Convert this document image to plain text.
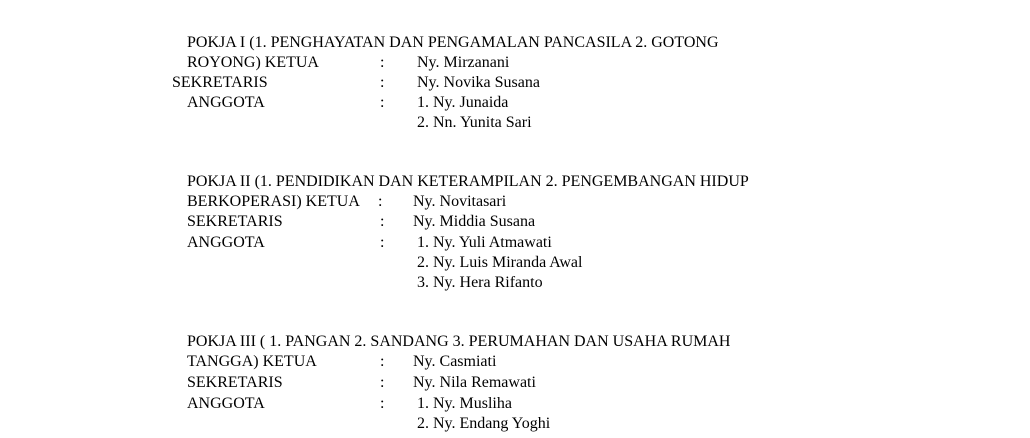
POKJA I (1. PENGHAYATAN DAN PENGAMALAN PANCASILA 2. GOTONG
ROYONG) KETUA	: Ny. Mirzanani
SEKRETARIS	: Ny. Novika Susana
ANGGOTA	: 1. Ny. Junaida
2. Nn. Yunita Sari
POKJA II (1. PENDIDIKAN DAN KETERAMPILAN 2. PENGEMBANGAN HIDUP
BERKOPERASI) KETUA : Ny. Novitasari
SEKRETARIS	: Ny. Middia Susana
ANGGOTA	: 1. Ny. Yuli Atmawati
2. Ny. Luis Miranda Awal
3. Ny. Hera Rifanto
POKJA III ( 1. PANGAN 2. SANDANG 3. PERUMAHAN DAN USAHA RUMAH
TANGGA) KETUA	: Ny. Casmiati
SEKRETARIS	: Ny. Nila Remawati
ANGGOTA	: 1. Ny. Musliha
2. Ny. Endang Yoghi
